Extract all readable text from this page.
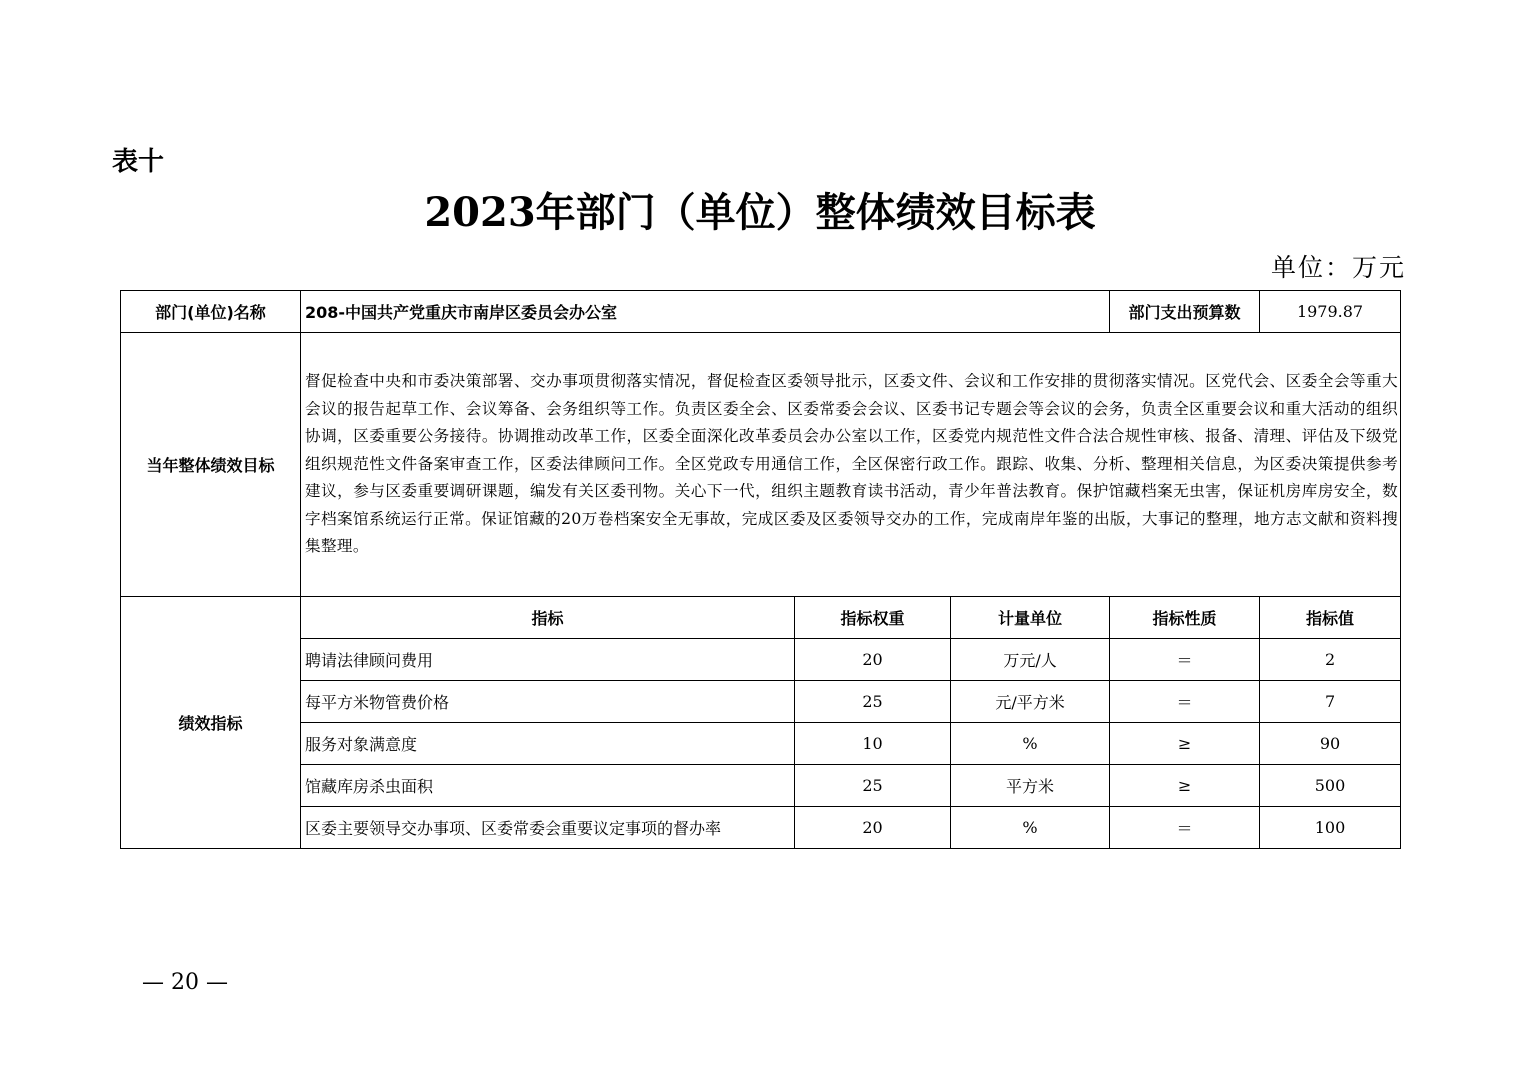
表十
2023年部门（单位）整体绩效目标表
单位：万元
部门(单位)名称	208-中国共产党重庆市南岸区委员会办公室			部门支出预算数	1979.87
当年整体绩效目标	督促检查中央和市委决策部署、交办事项贯彻落实情况，督促检查区委领导批示，区委文件、会议和工作安排的贯彻落实情况。区党代会、区委全会等重大会议的报告起草工作、会议筹备、会务组织等工作。负责区委全会、区委常委会会议、区委书记专题会等会议的会务，负责全区重要会议和重大活动的组织协调，区委重要公务接待。协调推动改革工作，区委全面深化改革委员会办公室以工作，区委党内规范性文件合法合规性审核、报备、清理、评估及下级党组织规范性文件备案审查工作，区委法律顾问工作。全区党政专用通信工作，全区保密行政工作。跟踪、收集、分析、整理相关信息，为区委决策提供参考建议，参与区委重要调研课题，编发有关区委刊物。关心下一代，组织主题教育读书活动，青少年普法教育。保护馆藏档案无虫害，保证机房库房安全，数字档案馆系统运行正常。保证馆藏的20万卷档案安全无事故，完成区委及区委领导交办的工作，完成南岸年鉴的出版，大事记的整理，地方志文献和资料搜集整理。				
绩效指标	指标	指标权重	计量单位	指标性质	指标值
	聘请法律顾问费用	20	万元/人	＝	2
	每平方米物管费价格	25	元/平方米	＝	7
	服务对象满意度	10	%	≥	90
	馆藏库房杀虫面积	25	平方米	≥	500
	区委主要领导交办事项、区委常委会重要议定事项的督办率	20	%	＝	100
— 20 —
